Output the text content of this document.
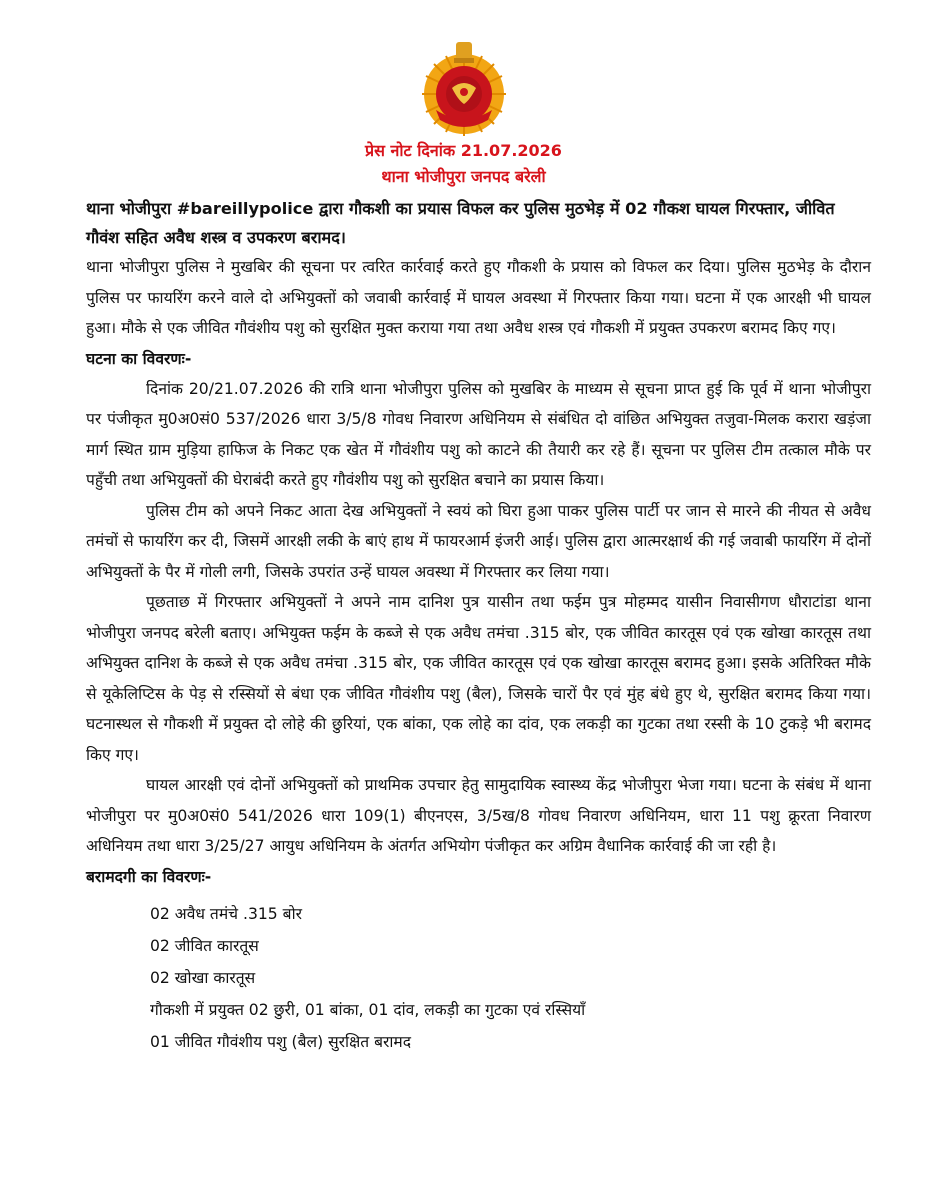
प्रेस नोट दिनांक 21.07.2026
थाना भोजीपुरा जनपद बरेली
थाना भोजीपुरा #bareillypolice द्वारा गौकशी का प्रयास विफल कर पुलिस मुठभेड़ में 02 गौकश घायल गिरफ्तार, जीवित गौवंश सहित अवैध शस्त्र व उपकरण बरामद।

थाना भोजीपुरा पुलिस ने मुखबिर की सूचना पर त्वरित कार्रवाई करते हुए गौकशी के प्रयास को विफल कर दिया। पुलिस मुठभेड़ के दौरान पुलिस पर फायरिंग करने वाले दो अभियुक्तों को जवाबी कार्रवाई में घायल अवस्था में गिरफ्तार किया गया। घटना में एक आरक्षी भी घायल हुआ। मौके से एक जीवित गौवंशीय पशु को सुरक्षित मुक्त कराया गया तथा अवैध शस्त्र एवं गौकशी में प्रयुक्त उपकरण बरामद किए गए।

घटना का विवरणः-

दिनांक 20/21.07.2026 की रात्रि थाना भोजीपुरा पुलिस को मुखबिर के माध्यम से सूचना प्राप्त हुई कि पूर्व में थाना भोजीपुरा पर पंजीकृत मु0अ0सं0 537/2026 धारा 3/5/8 गोवध निवारण अधिनियम से संबंधित दो वांछित अभियुक्त तजुवा-मिलक करारा खड़ंजा मार्ग स्थित ग्राम मुड़िया हाफिज के निकट एक खेत में गौवंशीय पशु को काटने की तैयारी कर रहे हैं। सूचना पर पुलिस टीम तत्काल मौके पर पहुँची तथा अभियुक्तों की घेराबंदी करते हुए गौवंशीय पशु को सुरक्षित बचाने का प्रयास किया।

पुलिस टीम को अपने निकट आता देख अभियुक्तों ने स्वयं को घिरा हुआ पाकर पुलिस पार्टी पर जान से मारने की नीयत से अवैध तमंचों से फायरिंग कर दी, जिसमें आरक्षी लकी के बाएं हाथ में फायरआर्म इंजरी आई। पुलिस द्वारा आत्मरक्षार्थ की गई जवाबी फायरिंग में दोनों अभियुक्तों के पैर में गोली लगी, जिसके उपरांत उन्हें घायल अवस्था में गिरफ्तार कर लिया गया।

पूछताछ में गिरफ्तार अभियुक्तों ने अपने नाम दानिश पुत्र यासीन तथा फईम पुत्र मोहम्मद यासीन निवासीगण धौराटांडा थाना भोजीपुरा जनपद बरेली बताए। अभियुक्त फईम के कब्जे से एक अवैध तमंचा .315 बोर, एक जीवित कारतूस एवं एक खोखा कारतूस तथा अभियुक्त दानिश के कब्जे से एक अवैध तमंचा .315 बोर, एक जीवित कारतूस एवं एक खोखा कारतूस बरामद हुआ। इसके अतिरिक्त मौके से यूकेलिप्टिस के पेड़ से रस्सियों से बंधा एक जीवित गौवंशीय पशु (बैल), जिसके चारों पैर एवं मुंह बंधे हुए थे, सुरक्षित बरामद किया गया। घटनास्थल से गौकशी में प्रयुक्त दो लोहे की छुरियां, एक बांका, एक लोहे का दांव, एक लकड़ी का गुटका तथा रस्सी के 10 टुकड़े भी बरामद किए गए।

घायल आरक्षी एवं दोनों अभियुक्तों को प्राथमिक उपचार हेतु सामुदायिक स्वास्थ्य केंद्र भोजीपुरा भेजा गया। घटना के संबंध में थाना भोजीपुरा पर मु0अ0सं0 541/2026 धारा 109(1) बीएनएस, 3/5ख/8 गोवध निवारण अधिनियम, धारा 11 पशु क्रूरता निवारण अधिनियम तथा धारा 3/25/27 आयुध अधिनियम के अंतर्गत अभियोग पंजीकृत कर अग्रिम वैधानिक कार्रवाई की जा रही है।

बरामदगी का विवरणः-
02 अवैध तमंचे .315 बोर
02 जीवित कारतूस
02 खोखा कारतूस
गौकशी में प्रयुक्त 02 छुरी, 01 बांका, 01 दांव, लकड़ी का गुटका एवं रस्सियाँ
01 जीवित गौवंशीय पशु (बैल) सुरक्षित बरामद
